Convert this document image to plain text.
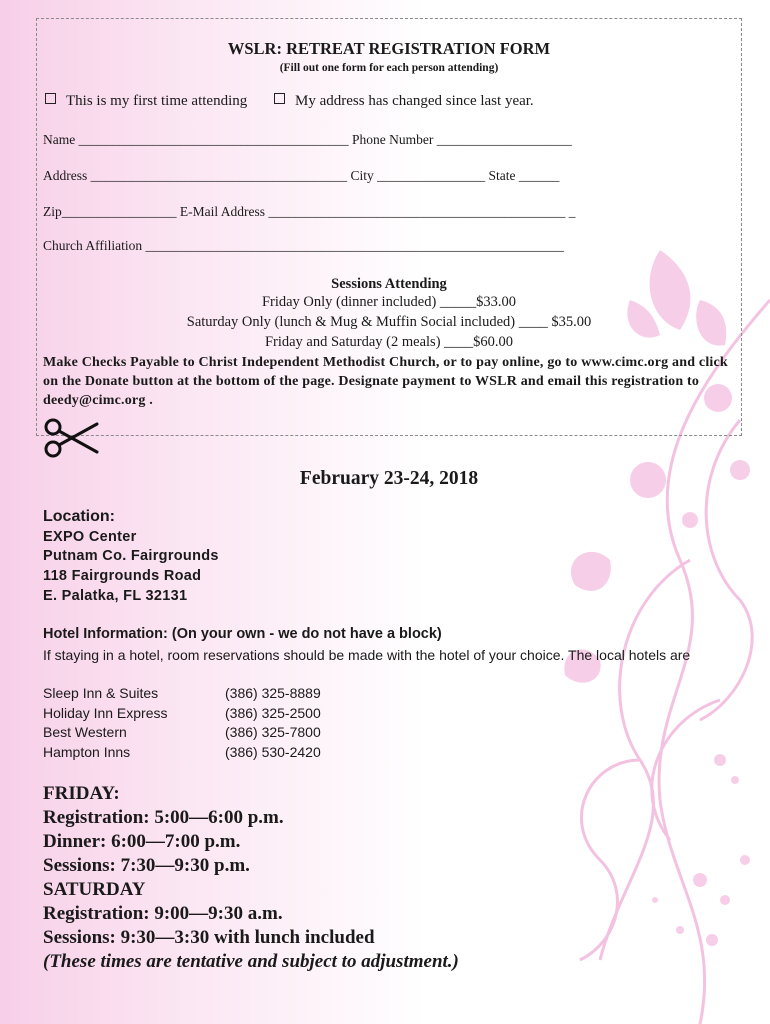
WSLR: RETREAT REGISTRATION FORM
(Fill out one form for each person attending)
This is my first time attending	My address has changed since last year.
Name ________________________________________ Phone Number ____________________
Address ______________________________________ City ________________ State ______
Zip_________________ E-Mail Address ____________________________________________ _
Church Affiliation ______________________________________________________________
Sessions Attending
Friday Only (dinner included) _____$33.00
Saturday Only (lunch & Mug & Muffin Social included) ____ $35.00
Friday and Saturday (2 meals) ____$60.00
Make Checks Payable to Christ Independent Methodist Church, or to pay online, go to www.cimc.org and click on the Donate button at the bottom of the page. Designate payment to WSLR and email this registration to deedy@cimc.org .
February 23-24, 2018
Location:
EXPO Center
Putnam Co. Fairgrounds
118 Fairgrounds Road
E. Palatka, FL 32131
Hotel Information: (On your own - we do not have a block)
If staying in a hotel, room reservations should be made with the hotel of your choice. The local hotels are
Sleep Inn & Suites	(386) 325-8889
Holiday Inn Express	(386) 325-2500
Best Western	(386) 325-7800
Hampton Inns	(386) 530-2420
FRIDAY:
Registration: 5:00—6:00 p.m.
Dinner: 6:00—7:00 p.m.
Sessions: 7:30—9:30 p.m.
SATURDAY
Registration: 9:00—9:30 a.m.
Sessions: 9:30—3:30 with lunch included
(These times are tentative and subject to adjustment.)
